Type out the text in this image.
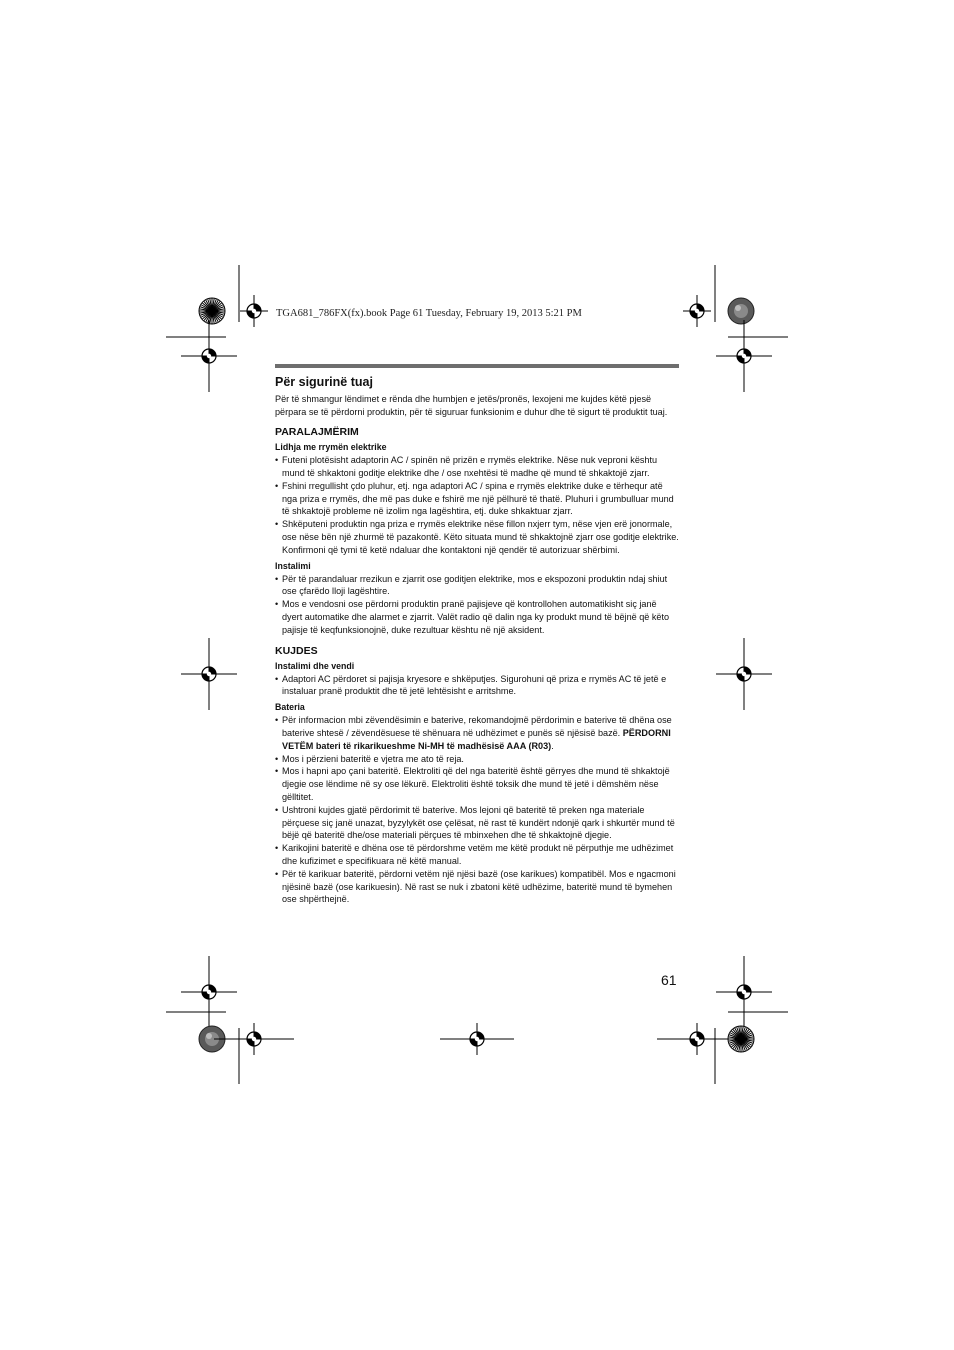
TGA681_786FX(fx).book Page 61 Tuesday, February 19, 2013 5:21 PM
Për sigurinë tuaj

Për të shmangur lëndimet e rënda dhe humbjen e jetës/pronës, lexojeni me kujdes këtë pjesë përpara se të përdorni produktin, për të siguruar funksionim e duhur dhe të sigurt të produktit tuaj.

PARALAJMËRIM
Lidhja me rrymën elektrike
• Futeni plotësisht adaptorin AC / spinën në prizën e rrymës elektrike. Nëse nuk veproni kështu mund të shkaktoni goditje elektrike dhe / ose nxehtësi të madhe që mund të shkaktojë zjarr.
• Fshini rregullisht çdo pluhur, etj. nga adaptori AC / spina e rrymës elektrike duke e tërhequr atë nga priza e rrymës, dhe më pas duke e fshirë me një pëlhurë të thatë. Pluhuri i grumbulluar mund të shkaktojë probleme në izolim nga lagështira, etj. duke shkaktuar zjarr.
• Shkëputeni produktin nga priza e rrymës elektrike nëse fillon nxjerr tym, nëse vjen erë jonormale, ose nëse bën një zhurmë të pazakontë. Këto situata mund të shkaktojnë zjarr ose goditje elektrike. Konfirmoni që tymi të ketë ndaluar dhe kontaktoni një qendër të autorizuar shërbimi.
Instalimi
• Për të parandaluar rrezikun e zjarrit ose goditjen elektrike, mos e ekspozoni produktin ndaj shiut ose çfarëdo lloji lagështire.
• Mos e vendosni ose përdorni produktin pranë pajisjeve që kontrollohen automatikisht siç janë dyert automatike dhe alarmet e zjarrit. Valët radio që dalin nga ky produkt mund të bëjnë që këto pajisje të keqfunksionojnë, duke rezultuar kështu në një aksident.
KUJDES
Instalimi dhe vendi
• Adaptori AC përdoret si pajisja kryesore e shkëputjes. Sigurohuni që priza e rrymës AC të jetë e instaluar pranë produktit dhe të jetë lehtësisht e arritshme.
Bateria
• Për informacion mbi zëvendësimin e baterive, rekomandojmë përdorimin e baterive të dhëna ose baterive shtesë / zëvendësuese të shënuara në udhëzimet e punës së njësisë bazë. PËRDORNI VETËM bateri të rikarikueshme Ni-MH të madhësisë AAA (R03).
• Mos i përzieni bateritë e vjetra me ato të reja.
• Mos i hapni apo çani bateritë. Elektroliti që del nga bateritë është gërryes dhe mund të shkaktojë djegie ose lëndime në sy ose lëkurë. Elektroliti është toksik dhe mund të jetë i dëmshëm nëse gëlltitet.
• Ushtroni kujdes gjatë përdorimit të baterive. Mos lejoni që bateritë të preken nga materiale përçuese siç janë unazat, byzylykët ose çelësat, në rast të kundërt ndonjë qark i shkurtër mund të bëjë që bateritë dhe/ose materiali përçues të mbinxehen dhe të shkaktojnë djegie.
• Karikojini bateritë e dhëna ose të përdorshme vetëm me këtë produkt në përputhje me udhëzimet dhe kufizimet e specifikuara në këtë manual.
• Për të karikuar bateritë, përdorni vetëm një njësi bazë (ose karikues) kompatibël. Mos e ngacmoni njësinë bazë (ose karikuesin). Në rast se nuk i zbatoni këtë udhëzime, bateritë mund të bymehen ose shpërthejnë.
61
